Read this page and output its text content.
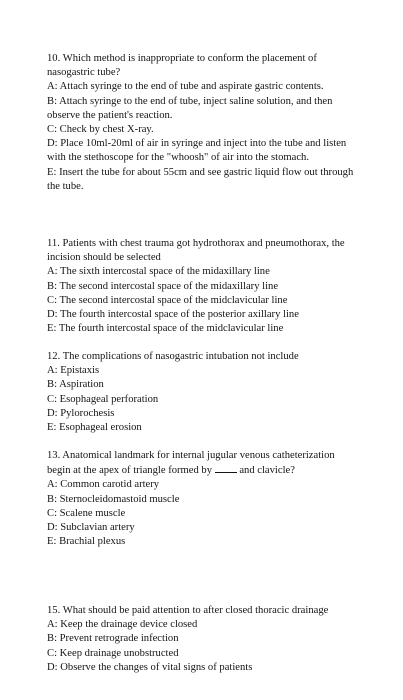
10. Which method is inappropriate to conform the placement of nasogastric tube?
A: Attach syringe to the end of tube and aspirate gastric contents.
B: Attach syringe to the end of tube, inject saline solution, and then observe the patient's reaction.
C: Check by chest X-ray.
D: Place 10ml-20ml of air in syringe and inject into the tube and listen with the stethoscope for the "whoosh" of air into the stomach.
E: Insert the tube for about 55cm and see gastric liquid flow out through the tube.
11. Patients with chest trauma got hydrothorax and pneumothorax, the incision should be selected
A: The sixth intercostal space of the midaxillary line
B: The second intercostal space of the midaxillary line
C: The second intercostal space of the midclavicular line
D: The fourth intercostal space of the posterior axillary line
E: The fourth intercostal space of the midclavicular line
12. The complications of nasogastric intubation not include
A: Epistaxis
B: Aspiration
C: Esophageal perforation
D: Pylorochesis
E: Esophageal erosion
13. Anatomical landmark for internal jugular venous catheterization begin at the apex of triangle formed by	and clavicle?
A: Common carotid artery
B: Sternocleidomastoid muscle
C: Scalene muscle
D: Subclavian artery
E: Brachial plexus
15. What should be paid attention to after closed thoracic drainage
A: Keep the drainage device closed
B: Prevent retrograde infection
C: Keep drainage unobstructed
D: Observe the changes of vital signs of patients
